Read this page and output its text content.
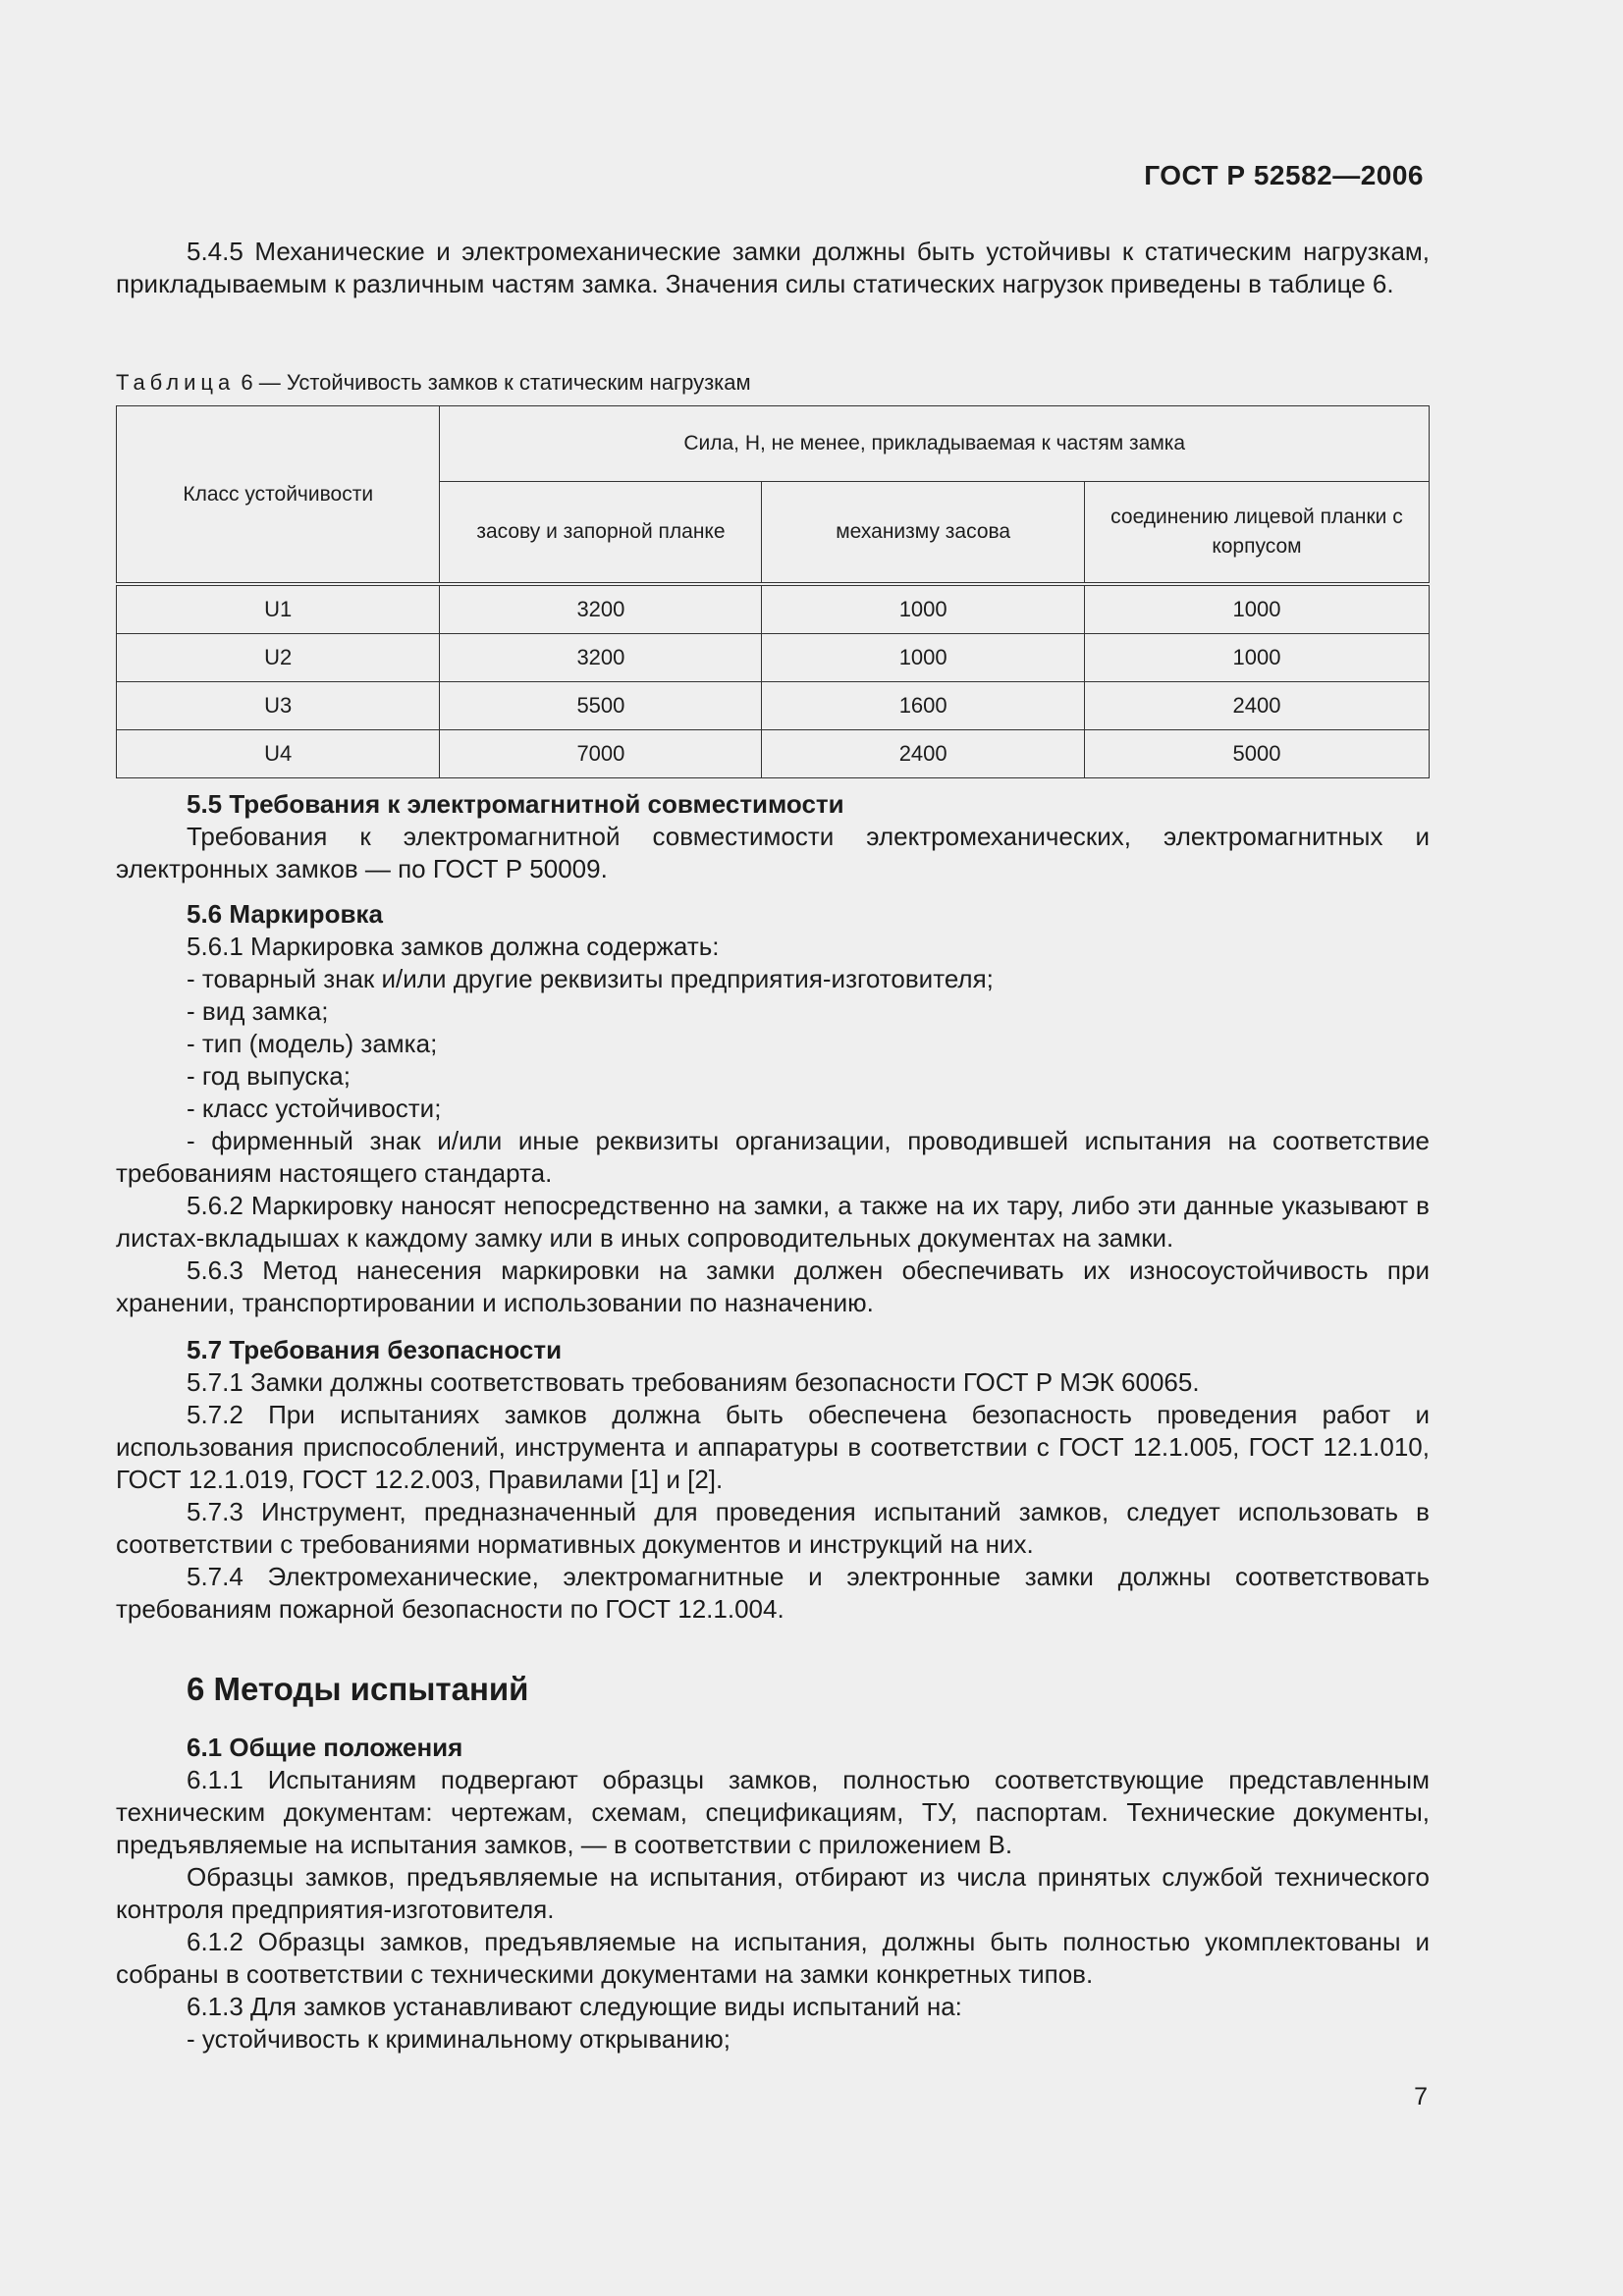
ГОСТ Р 52582—2006

5.4.5 Механические и электромеханические замки должны быть устойчивы к статическим нагрузкам, прикладываемым к различным частям замка. Значения силы статических нагрузок приведены в таблице 6.

Таблица 6 — Устойчивость замков к статическим нагрузкам

Класс устойчивости	Сила, Н, не менее, прикладываемая к частям замка		
	засову и запорной планке	механизму засова	соединению лицевой планки с корпусом
U1	3200	1000	1000
U2	3200	1000	1000
U3	5500	1600	2400
U4	7000	2400	5000

5.5 Требования к электромагнитной совместимости

Требования к электромагнитной совместимости электромеханических, электромагнитных и электронных замков — по ГОСТ Р 50009.

5.6 Маркировка

5.6.1 Маркировка замков должна содержать:

- товарный знак и/или другие реквизиты предприятия-изготовителя;

- вид замка;

- тип (модель) замка;

- год выпуска;

- класс устойчивости;

- фирменный знак и/или иные реквизиты организации, проводившей испытания на соответствие требованиям настоящего стандарта.

5.6.2 Маркировку наносят непосредственно на замки, а также на их тару, либо эти данные указывают в листах-вкладышах к каждому замку или в иных сопроводительных документах на замки.

5.6.3 Метод нанесения маркировки на замки должен обеспечивать их износоустойчивость при хранении, транспортировании и использовании по назначению.

5.7 Требования безопасности

5.7.1 Замки должны соответствовать требованиям безопасности ГОСТ Р МЭК 60065.

5.7.2 При испытаниях замков должна быть обеспечена безопасность проведения работ и использования приспособлений, инструмента и аппаратуры в соответствии с ГОСТ 12.1.005, ГОСТ 12.1.010, ГОСТ 12.1.019, ГОСТ 12.2.003, Правилами [1] и [2].

5.7.3 Инструмент, предназначенный для проведения испытаний замков, следует использовать в соответствии с требованиями нормативных документов и инструкций на них.

5.7.4 Электромеханические, электромагнитные и электронные замки должны соответствовать требованиям пожарной безопасности по ГОСТ 12.1.004.

6 Методы испытаний

6.1 Общие положения

6.1.1 Испытаниям подвергают образцы замков, полностью соответствующие представленным техническим документам: чертежам, схемам, спецификациям, ТУ, паспортам. Технические документы, предъявляемые на испытания замков, — в соответствии с приложением В.

Образцы замков, предъявляемые на испытания, отбирают из числа принятых службой технического контроля предприятия-изготовителя.

6.1.2 Образцы замков, предъявляемые на испытания, должны быть полностью укомплектованы и собраны в соответствии с техническими документами на замки конкретных типов.

6.1.3 Для замков устанавливают следующие виды испытаний на:

- устойчивость к криминальному открыванию;

7
